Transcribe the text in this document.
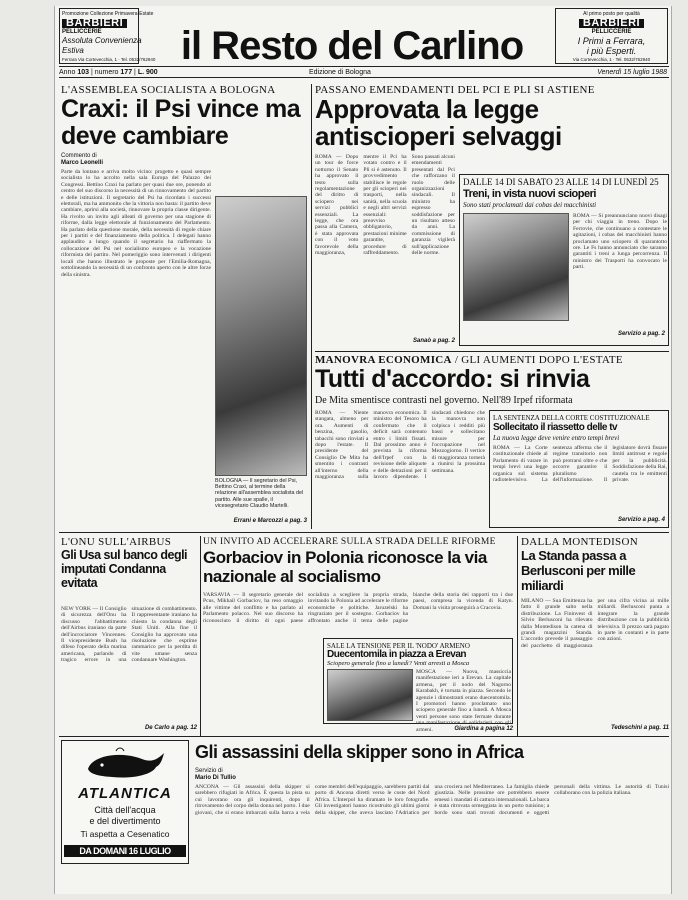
Promozione Collezione Primavera-Estate
BARBIERI
PELLICCERIE
Assoluta Convenienza
Estiva
Ferrara Via Cortevecchia, 1 · Tel. 0532/762940 il Resto del Carlino
Al primo posto per qualità
BARBIERI
PELLICCERIE
I Primi a Ferrara,
i più Esperti.
Via Cortevecchia, 1 · Tel. 0532/762940
Anno 103 | numero 177 | L. 900	Edizione di Bologna	Venerdì 15 luglio 1988
L'ASSEMBLEA SOCIALISTA A BOLOGNA
Craxi: il Psi vince ma deve cambiare
Commento di
Marco Leonelli
Parte da lontano e arriva molto vicino: progetto e quasi sempre socialista lo ha accolto nella sala Europa del Palazzo dei Congressi. Bettino Craxi ha parlato per quasi due ore, ponendo al centro del suo discorso la necessità di un rinnovamento del partito e delle istituzioni. Il segretario del Psi ha ricordato i successi elettorali, ma ha ammonito che la vittoria non basta: il partito deve cambiare, aprirsi alla società, rinnovare la propria classe dirigente. Ha rivolto un invito agli alleati di governo per una stagione di riforme, dalla legge elettorale al funzionamento del Parlamento. Ha parlato della questione morale, della necessità di regole chiare per i partiti e del finanziamento della politica. I delegati hanno applaudito a lungo quando il segretario ha riaffermato la collocazione del Psi nel socialismo europeo e la vocazione riformista del partito. Nel pomeriggio sono intervenuti i dirigenti locali che hanno illustrato le proposte per l'Emilia-Romagna, sottolineando la necessità di un confronto aperto con le altre forze della sinistra.
BOLOGNA — Il segretario del Psi, Bettino Craxi, al termine della relazione all'assemblea socialista del partito. Alle sue spalle, il vicesegretario Claudio Martelli.
Errani e Marcozzi a pag. 3
PASSANO EMENDAMENTI DEL PCI E PLI SI ASTIENE
Approvata la legge antiscioperi selvaggi
ROMA — Dopo un tour de force notturno il Senato ha approvato il testo sulla regolamentazione del diritto di sciopero nei servizi pubblici essenziali. La legge, che ora passa alla Camera, è stata approvata con il voto favorevole della maggioranza, mentre il Pci ha votato contro e il Pli si è astenuto. Il provvedimento stabilisce le regole per gli scioperi nei trasporti, nella sanità, nella scuola e negli altri servizi essenziali: preavviso obbligatorio, prestazioni minime garantite, procedure di raffreddamento. Sono passati alcuni emendamenti presentati dal Pci che rafforzano il ruolo delle organizzazioni sindacali. Il ministro ha espresso soddisfazione per un risultato atteso da anni. La commissione di garanzia vigilerà sull'applicazione delle norme.
Sanaò a pag. 2
DALLE 14 DI SABATO 23 ALLE 14 DI LUNEDÌ 25
Treni, in vista nuovi scioperi
Sono stati proclamati dai cobas dei macchinisti
ROMA — Si preannunciano nuovi disagi per chi viaggia in treno. Dopo le Ferrovie, che continuano a contestare le agitazioni, i cobas dei macchinisti hanno proclamato uno sciopero di quarantotto ore. Le Fs hanno annunciato che saranno garantiti i treni a lunga percorrenza. Il ministro dei Trasporti ha convocato le parti.
Servizio a pag. 2
MANOVRA ECONOMICA / GLI AUMENTI DOPO L'ESTATE
Tutti d'accordo: si rinvia
De Mita smentisce contrasti nel governo. Nell'89 Irpef riformata
ROMA — Niente stangata, almeno per ora. Aumenti di benzina, gasolio, tabacchi sono rinviati a dopo l'estate. Il presidente del Consiglio De Mita ha smentito i contrasti all'interno della maggioranza sulla manovra economica. Il ministro del Tesoro ha confermato che il deficit sarà contenuto entro i limiti fissati. Dal prossimo anno è prevista la riforma dell'Irpef con la revisione delle aliquote e delle detrazioni per il lavoro dipendente. I sindacati chiedono che la manovra non colpisca i redditi più bassi e sollecitano misure per l'occupazione nel Mezzogiorno. Il vertice di maggioranza tornerà a riunirsi la prossima settimana.
LA SENTENZA DELLA CORTE COSTITUZIONALE
Sollecitato il riassetto delle tv
La nuova legge deve venire entro tempi brevi
ROMA — La Corte costituzionale chiede al Parlamento di varare in tempi brevi una legge organica sul sistema radiotelevisivo. La sentenza afferma che il regime transitorio non può protrarsi oltre e che occorre garantire il pluralismo dell'informazione. Il legislatore dovrà fissare limiti antitrust e regole per la pubblicità. Soddisfazione della Rai, cautela tra le emittenti private.
Servizio a pag. 4
L'ONU SULL'AIRBUS
Gli Usa sul banco degli imputati Condanna evitata
NEW YORK — Il Consiglio di sicurezza dell'Onu ha discusso l'abbattimento dell'Airbus iraniano da parte dell'incrociatore Vincennes. Il vicepresidente Bush ha difeso l'operato della marina americana, parlando di tragico errore in una situazione di combattimento. Il rappresentante iraniano ha chiesto la condanna degli Stati Uniti. Alla fine il Consiglio ha approvato una risoluzione che esprime rammarico per la perdita di vite umane senza condannare Washington.
De Carlo a pag. 12
UN INVITO AD ACCELERARE SULLA STRADA DELLE RIFORME
Gorbaciov in Polonia riconosce la via nazionale al socialismo
VARSAVIA — Il segretario generale del Pcus, Mikhail Gorbaciov, ha reso omaggio alle vittime del conflitto e ha parlato al Parlamento polacco. Nel suo discorso ha riconosciuto il diritto di ogni paese socialista a scegliere la propria strada, invitando la Polonia ad accelerare le riforme economiche e politiche. Jaruzelski ha ringraziato per il sostegno. Gorbaciov ha affrontato anche il tema delle pagine bianche della storia dei rapporti tra i due paesi, compresa la vicenda di Katyn. Domani la visita proseguirà a Cracovia.
Giardina a pagina 12
SALE LA TENSIONE PER IL 'NODO' ARMENO
Duecentomila in piazza a Erevan
Sciopero generale fino a lunedì? Venti arresti a Mosca
MOSCA — Nuova, massiccia manifestazione ieri a Erevan. La capitale armena, per il nodo del Nagorno Karabakh, è tornata in piazza. Secondo le agenzie i dimostranti erano duecentomila. I promotori hanno proclamato uno sciopero generale fino a lunedì. A Mosca venti persone sono state fermate durante una manifestazione di solidarietà con gli armeni.
DALLA MONTEDISON
La Standa passa a Berlusconi per mille miliardi
MILANO — Sua Emittenza ha fatto il grande salto nella distribuzione. La Fininvest di Silvio Berlusconi ha rilevato dalla Montedison la catena di grandi magazzini Standa. L'accordo prevede il passaggio del pacchetto di maggioranza per una cifra vicina ai mille miliardi. Berlusconi punta a integrare la grande distribuzione con la pubblicità televisiva. Il prezzo sarà pagato in parte in contanti e in parte con azioni.
Tedeschini a pag. 11
ATLANTICA
Città dell'acqua
e del divertimento
Ti aspetta a Cesenatico
DA DOMANI 16 LUGLIO
Gli assassini della skipper sono in Africa
Servizio di
Mario Di Tullio
ANCONA — Gli assassini della skipper si sarebbero rifugiati in Africa. È questa la pista su cui lavorano ora gli inquirenti, dopo il ritrovamento del corpo della donna nel porto. I due giovani, che si erano imbarcati sulla barca a vela come membri dell'equipaggio, sarebbero partiti dal porto di Ancona diretti verso le coste del Nord Africa. L'Interpol ha diramato le loro fotografie. Gli investigatori hanno ricostruito gli ultimi giorni della skipper, che aveva lasciato l'Adriatico per una crociera nel Mediterraneo. La famiglia chiede giustizia. Nelle prossime ore potrebbero essere emessi i mandati di cattura internazionali. La barca è stata ritrovata ormeggiata in un porto tunisino; a bordo sono stati trovati documenti e oggetti personali della vittima. Le autorità di Tunisi collaborano con la polizia italiana.
